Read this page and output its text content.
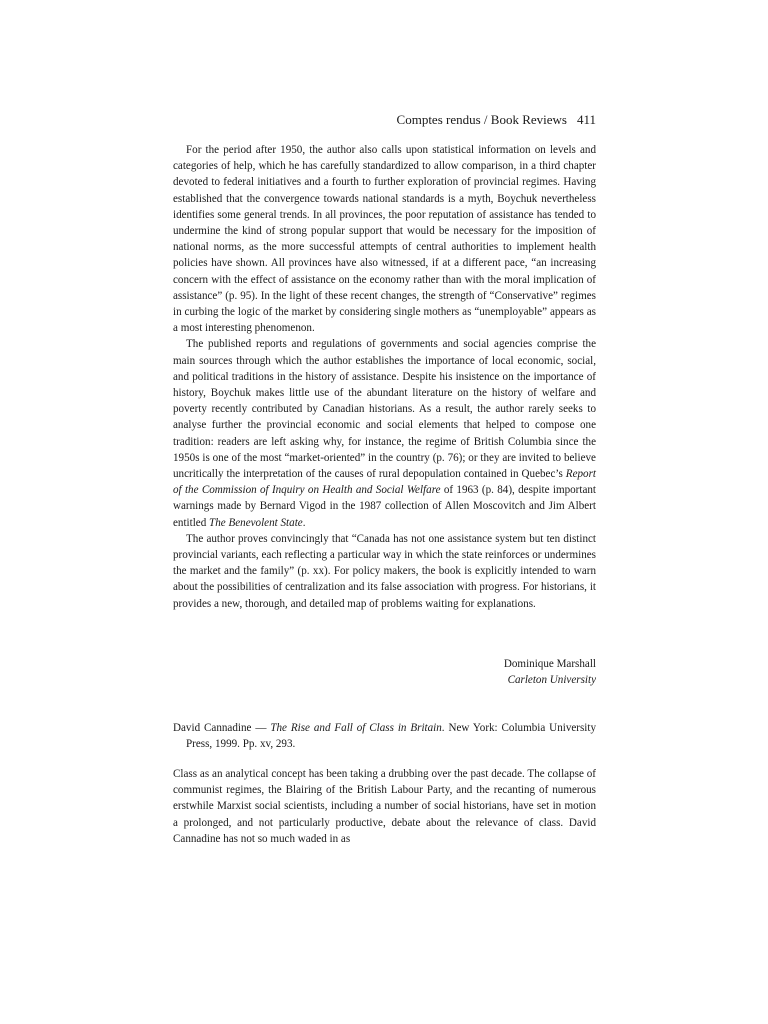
Comptes rendus / Book Reviews 411

For the period after 1950, the author also calls upon statistical information on levels and categories of help, which he has carefully standardized to allow comparison, in a third chapter devoted to federal initiatives and a fourth to further exploration of provincial regimes. Having established that the convergence towards national standards is a myth, Boychuk nevertheless identifies some general trends. In all provinces, the poor reputation of assistance has tended to undermine the kind of strong popular support that would be necessary for the imposition of national norms, as the more successful attempts of central authorities to implement health policies have shown. All provinces have also witnessed, if at a different pace, “an increasing concern with the effect of assistance on the economy rather than with the moral implication of assistance” (p. 95). In the light of these recent changes, the strength of “Conservative” regimes in curbing the logic of the market by considering single mothers as “unemployable” appears as a most interesting phenomenon.

The published reports and regulations of governments and social agencies comprise the main sources through which the author establishes the importance of local economic, social, and political traditions in the history of assistance. Despite his insistence on the importance of history, Boychuk makes little use of the abundant literature on the history of welfare and poverty recently contributed by Canadian historians. As a result, the author rarely seeks to analyse further the provincial economic and social elements that helped to compose one tradition: readers are left asking why, for instance, the regime of British Columbia since the 1950s is one of the most “market-oriented” in the country (p. 76); or they are invited to believe uncritically the interpretation of the causes of rural depopulation contained in Quebec’s Report of the Commission of Inquiry on Health and Social Welfare of 1963 (p. 84), despite important warnings made by Bernard Vigod in the 1987 collection of Allen Moscovitch and Jim Albert entitled The Benevolent State.

The author proves convincingly that “Canada has not one assistance system but ten distinct provincial variants, each reflecting a particular way in which the state reinforces or undermines the market and the family” (p. xx). For policy makers, the book is explicitly intended to warn about the possibilities of centralization and its false association with progress. For historians, it provides a new, thorough, and detailed map of problems waiting for explanations.

Dominique Marshall
Carleton University
David Cannadine — The Rise and Fall of Class in Britain. New York: Columbia University Press, 1999. Pp. xv, 293.

Class as an analytical concept has been taking a drubbing over the past decade. The collapse of communist regimes, the Blairing of the British Labour Party, and the recanting of numerous erstwhile Marxist social scientists, including a number of social historians, have set in motion a prolonged, and not particularly productive, debate about the relevance of class. David Cannadine has not so much waded in as
